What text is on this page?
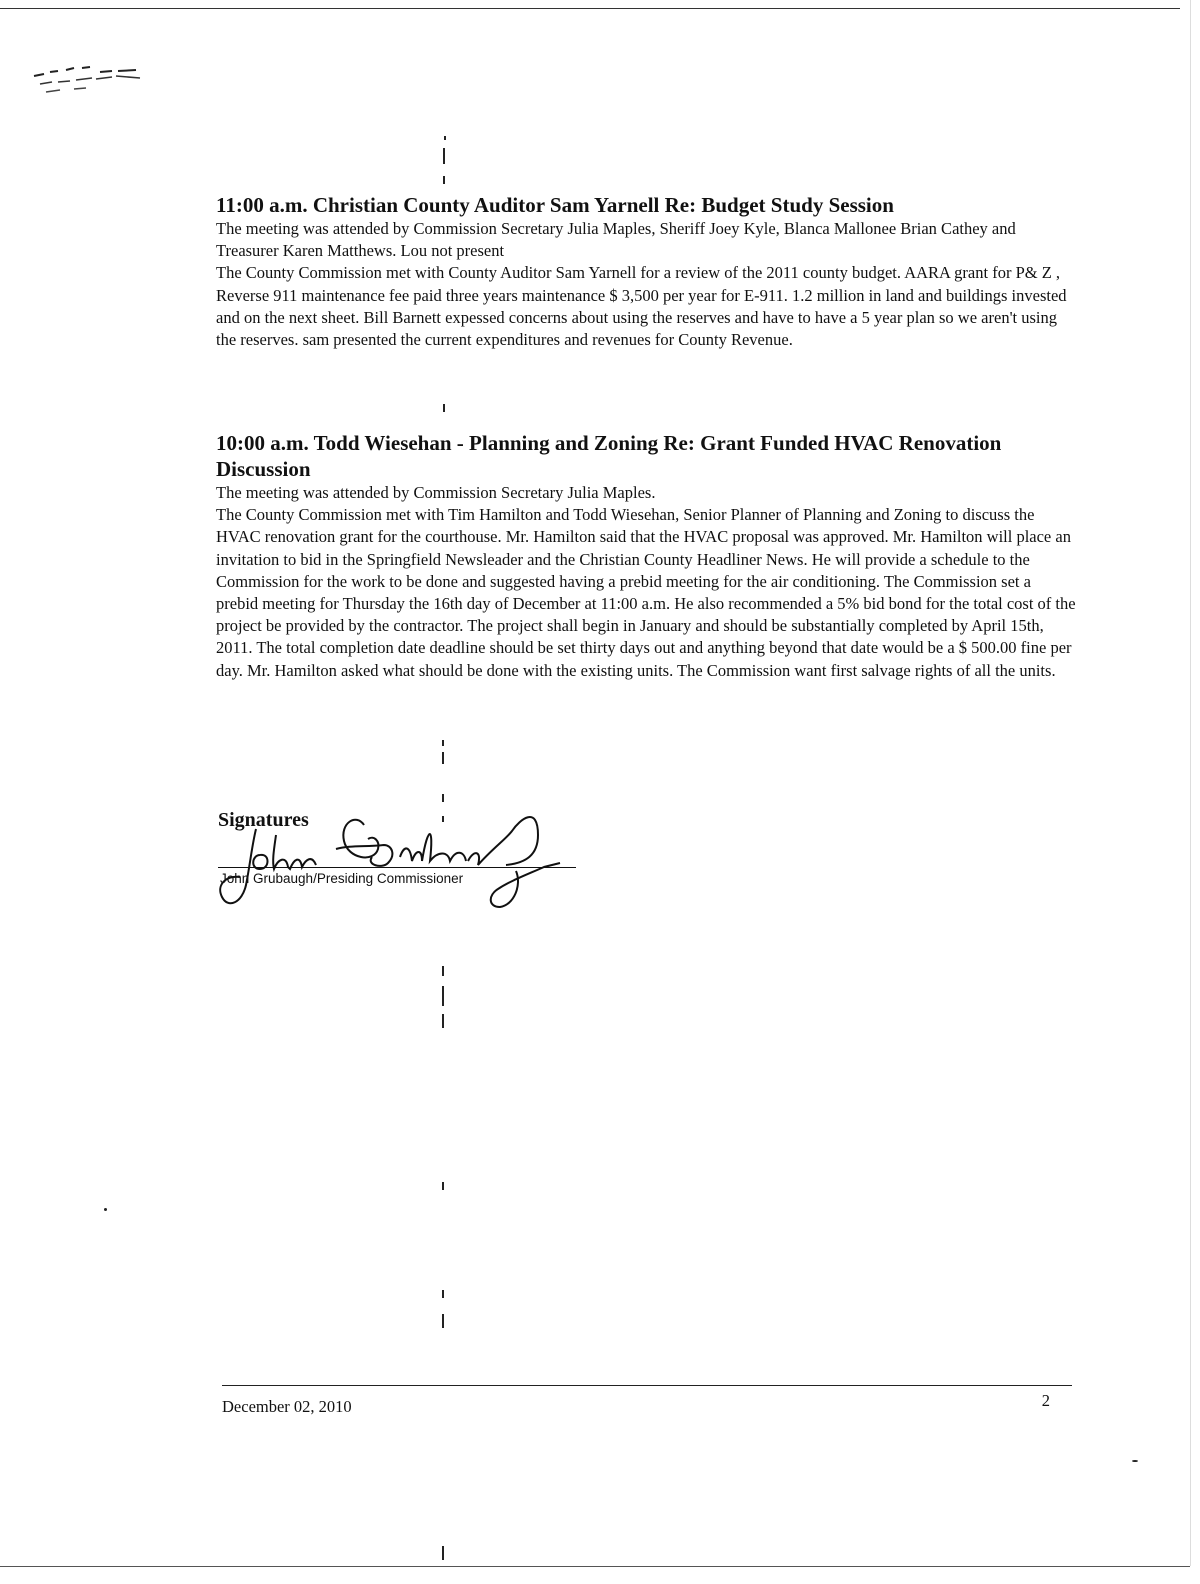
11:00 a.m. Christian County Auditor Sam Yarnell Re: Budget Study Session

The meeting was attended by Commission Secretary Julia Maples, Sheriff Joey Kyle, Blanca Mallonee Brian Cathey and Treasurer Karen Matthews. Lou not present

The County Commission met with County Auditor Sam Yarnell for a review of the 2011 county budget. AARA grant for P& Z , Reverse 911 maintenance fee paid three years maintenance $ 3,500 per year for E-911. 1.2 million in land and buildings invested and on the next sheet. Bill Barnett expessed concerns about using the reserves and have to have a 5 year plan so we aren't using the reserves. sam presented the current expenditures and revenues for County Revenue.

10:00 a.m. Todd Wiesehan - Planning and Zoning Re: Grant Funded HVAC Renovation Discussion

The meeting was attended by Commission Secretary Julia Maples.

The County Commission met with Tim Hamilton and Todd Wiesehan, Senior Planner of Planning and Zoning to discuss the HVAC renovation grant for the courthouse. Mr. Hamilton said that the HVAC proposal was approved. Mr. Hamilton will place an invitation to bid in the Springfield Newsleader and the Christian County Headliner News. He will provide a schedule to the Commission for the work to be done and suggested having a prebid meeting for the air conditioning. The Commission set a prebid meeting for Thursday the 16th day of December at 11:00 a.m. He also recommended a 5% bid bond for the total cost of the project be provided by the contractor. The project shall begin in January and should be substantially completed by April 15th, 2011. The total completion date deadline should be set thirty days out and anything beyond that date would be a $ 500.00 fine per day. Mr. Hamilton asked what should be done with the existing units. The Commission want first salvage rights of all the units.

Signatures
John Grubaugh/Presiding Commissioner
December 02, 2010	2
